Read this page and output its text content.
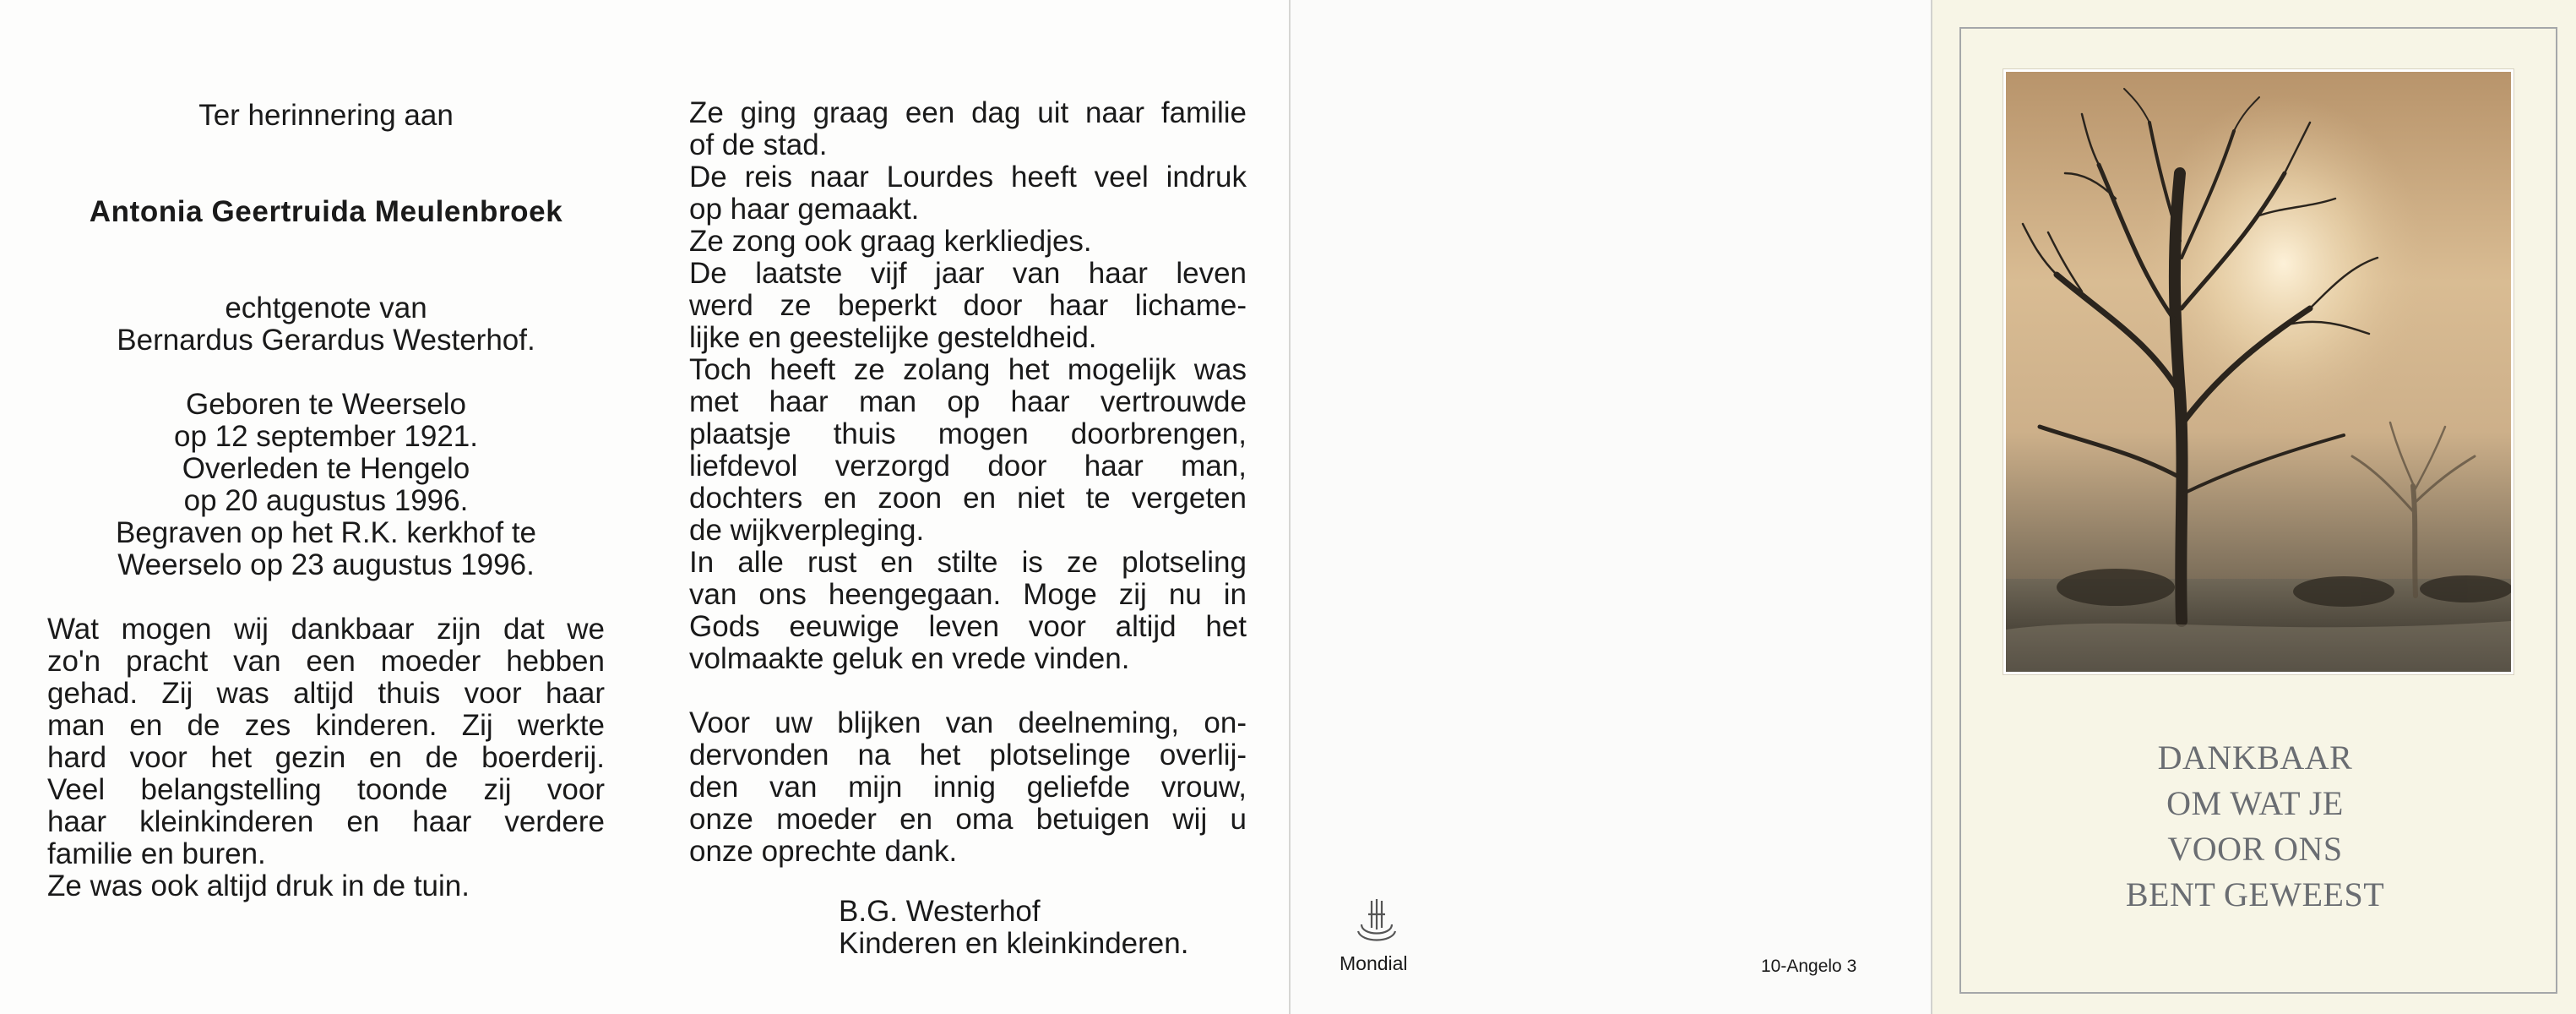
Ter herinnering aan
Antonia Geertruida Meulenbroek
echtgenote van
Bernardus Gerardus Westerhof.
Geboren te Weerselo
op 12 september 1921.
Overleden te Hengelo
op 20 augustus 1996.
Begraven op het R.K. kerkhof te
Weerselo op 23 augustus 1996.
Wat mogen wij dankbaar zijn dat we
zo'n pracht van een moeder hebben
gehad. Zij was altijd thuis voor haar
man en de zes kinderen. Zij werkte
hard voor het gezin en de boerderij.
Veel belangstelling toonde zij voor
haar kleinkinderen en haar verdere
familie en buren.
Ze was ook altijd druk in de tuin.
Ze ging graag een dag uit naar familie
of de stad.
De reis naar Lourdes heeft veel indruk
op haar gemaakt.
Ze zong ook graag kerkliedjes.
De laatste vijf jaar van haar leven
werd ze beperkt door haar lichame-
lijke en geestelijke gesteldheid.
Toch heeft ze zolang het mogelijk was
met haar man op haar vertrouwde
plaatsje thuis mogen doorbrengen,
liefdevol verzorgd door haar man,
dochters en zoon en niet te vergeten
de wijkverpleging.
In alle rust en stilte is ze plotseling
van ons heengegaan. Moge zij nu in
Gods eeuwige leven voor altijd het
volmaakte geluk en vrede vinden.
Voor uw blijken van deelneming, on-
dervonden na het plotselinge overlij-
den van mijn innig geliefde vrouw,
onze moeder en oma betuigen wij u
onze oprechte dank.
B.G. Westerhof
Kinderen en kleinkinderen.
Mondial	10-Angelo 3
DANKBAAR
OM WAT JE
VOOR ONS
BENT GEWEEST
